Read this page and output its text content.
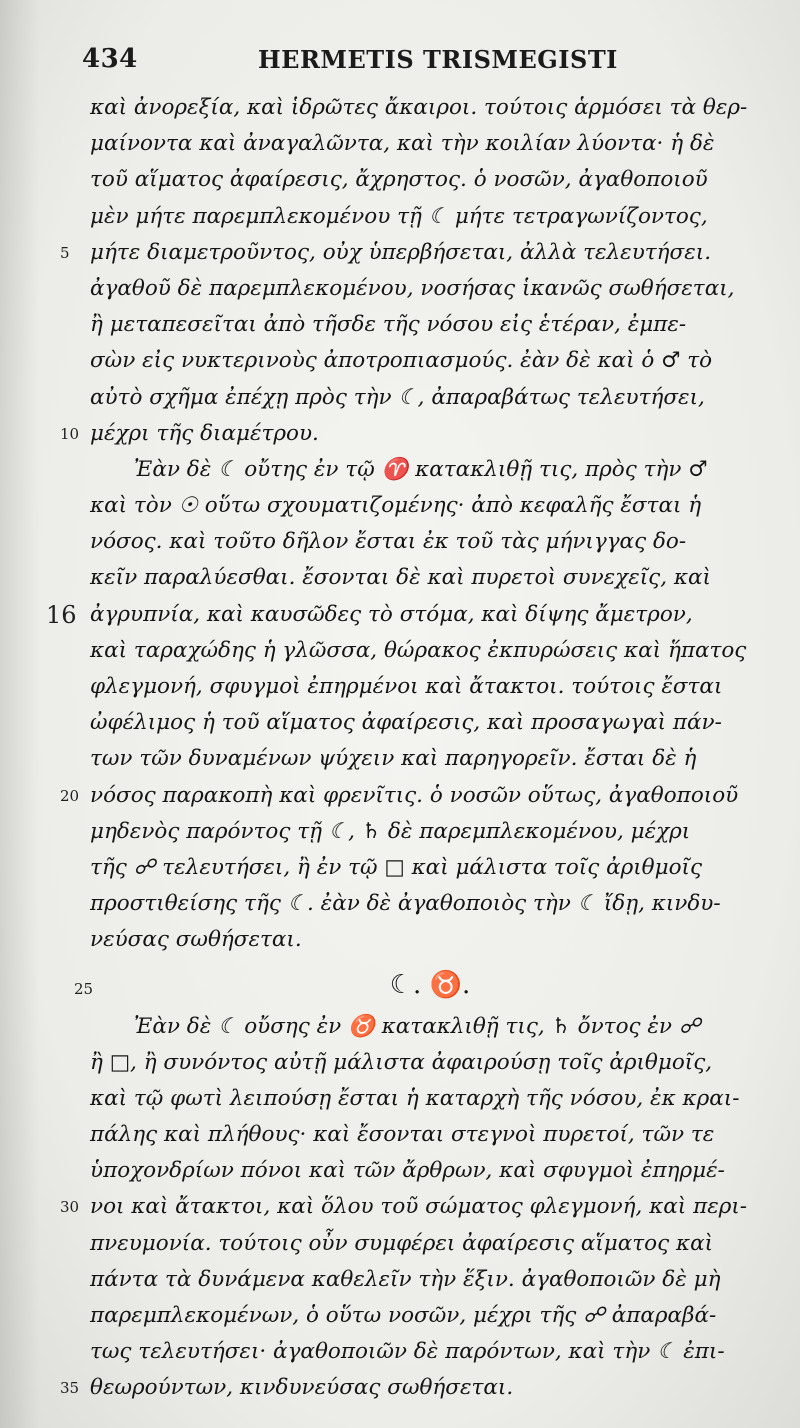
434	HERMETIS TRISMEGISTI
καὶ ἀνορεξία, καὶ ἱδρῶτες ἄκαιροι. τούτοις ἁρμόσει τὰ θερ-
μαίνοντα καὶ ἀναγαλῶντα, καὶ τὴν κοιλίαν λύοντα· ἡ δὲ
τοῦ αἵματος ἀφαίρεσις, ἄχρηστος. ὁ νοσῶν, ἀγαθοποιοῦ
μὲν μήτε παρεμπλεκομένου τῇ ☾ μήτε τετραγωνίζοντος,
5 μήτε διαμετροῦντος, οὐχ ὑπερβήσεται, ἀλλὰ τελευτήσει.
ἀγαθοῦ δὲ παρεμπλεκομένου, νοσήσας ἱκανῶς σωθήσεται,
ἢ μεταπεσεῖται ἀπὸ τῆσδε τῆς νόσου εἰς ἑτέραν, ἐμπε-
σὼν εἰς νυκτερινοὺς ἀποτροπιασμούς. ἐὰν δὲ καὶ ὁ ♂ τὸ
αὐτὸ σχῆμα ἐπέχῃ πρὸς τὴν ☾, ἀπαραβάτως τελευτήσει,
10 μέχρι τῆς διαμέτρου.
Ἐὰν δὲ ☾ οὔτης ἐν τῷ ♈ κατακλιθῇ τις, πρὸς τὴν ♂
καὶ τὸν ☉ οὕτω σχουματιζομένης· ἀπὸ κεφαλῆς ἔσται ἡ
νόσος. καὶ τοῦτο δῆλον ἔσται ἐκ τοῦ τὰς μήνιγγας δο-
κεῖν παραλύεσθαι. ἔσονται δὲ καὶ πυρετοὶ συνεχεῖς, καὶ
16 ἀγρυπνία, καὶ καυσῶδες τὸ στόμα, καὶ δίψης ἄμετρον,
καὶ ταραχώδης ἡ γλῶσσα, θώρακος ἐκπυρώσεις καὶ ἥπατος
φλεγμονή, σφυγμοὶ ἐπηρμένοι καὶ ἄτακτοι. τούτοις ἔσται
ὠφέλιμος ἡ τοῦ αἵματος ἀφαίρεσις, καὶ προσαγωγαὶ πάν-
των τῶν δυναμένων ψύχειν καὶ παρηγορεῖν. ἔσται δὲ ἡ
20 νόσος παρακοπὴ καὶ φρενῖτις. ὁ νοσῶν οὕτως, ἀγαθοποιοῦ
μηδενὸς παρόντος τῇ ☾, ♄ δὲ παρεμπλεκομένου, μέχρι
τῆς ☍ τελευτήσει, ἢ ἐν τῷ □ καὶ μάλιστα τοῖς ἀριθμοῖς
προστιθείσης τῆς ☾. ἐὰν δὲ ἀγαθοποιὸς τὴν ☾ ἴδῃ, κινδυ-
νεύσας σωθήσεται.
25	☾. ♉.
Ἐὰν δὲ ☾ οὔσης ἐν ♉ κατακλιθῇ τις, ♄ ὄντος ἐν ☍
ἢ □, ἢ συνόντος αὐτῇ μάλιστα ἀφαιρούσῃ τοῖς ἀριθμοῖς,
καὶ τῷ φωτὶ λειπούσῃ ἔσται ἡ καταρχὴ τῆς νόσου, ἐκ κραι-
πάλης καὶ πλήθους· καὶ ἔσονται στεγνοὶ πυρετοί, τῶν τε
ὑποχονδρίων πόνοι καὶ τῶν ἄρθρων, καὶ σφυγμοὶ ἐπηρμέ-
30 νοι καὶ ἄτακτοι, καὶ ὅλου τοῦ σώματος φλεγμονή, καὶ περι-
πνευμονία. τούτοις οὖν συμφέρει ἀφαίρεσις αἵματος καὶ
πάντα τὰ δυνάμενα καθελεῖν τὴν ἕξιν. ἀγαθοποιῶν δὲ μὴ
παρεμπλεκομένων, ὁ οὕτω νοσῶν, μέχρι τῆς ☍ ἀπαραβά-
τως τελευτήσει· ἀγαθοποιῶν δὲ παρόντων, καὶ τὴν ☾ ἐπι-
35 θεωρούντων, κινδυνεύσας σωθήσεται.
